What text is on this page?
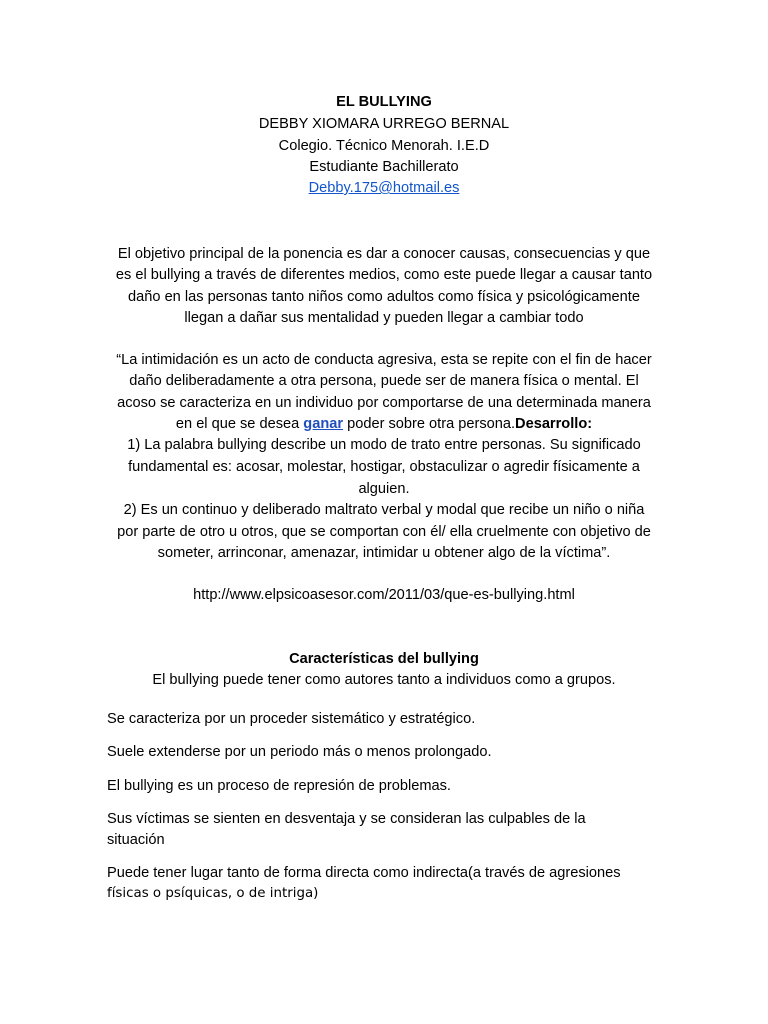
EL BULLYING
DEBBY XIOMARA URREGO BERNAL
Colegio. Técnico Menorah. I.E.D
Estudiante Bachillerato
Debby.175@hotmail.es
El objetivo principal de la ponencia es dar a conocer causas, consecuencias y que
es el bullying a través de diferentes medios, como este puede llegar a causar tanto
daño en las personas tanto niños como adultos como física y psicológicamente
llegan a dañar sus mentalidad y pueden llegar a cambiar todo
“La intimidación es un acto de conducta agresiva, esta se repite con el fin de hacer
daño deliberadamente a otra persona, puede ser de manera física o mental. El
acoso se caracteriza en un individuo por comportarse de una determinada manera
en el que se desea ganar poder sobre otra persona.Desarrollo:
1) La palabra bullying describe un modo de trato entre personas. Su significado
fundamental es: acosar, molestar, hostigar, obstaculizar o agredir físicamente a
alguien.
2) Es un continuo y deliberado maltrato verbal y modal que recibe un niño o niña
por parte de otro u otros, que se comportan con él/ ella cruelmente con objetivo de
someter, arrinconar, amenazar, intimidar u obtener algo de la víctima”.
http://www.elpsicoasesor.com/2011/03/que-es-bullying.html
Características del bullying
El bullying puede tener como autores tanto a individuos como a grupos.
Se caracteriza por un proceder sistemático y estratégico.
Suele extenderse por un periodo más o menos prolongado.
El bullying es un proceso de represión de problemas.
Sus víctimas se sienten en desventaja y se consideran las culpables de la
situación
Puede tener lugar tanto de forma directa como indirecta(a través de agresiones
físicas o psíquicas, o de intriga)
